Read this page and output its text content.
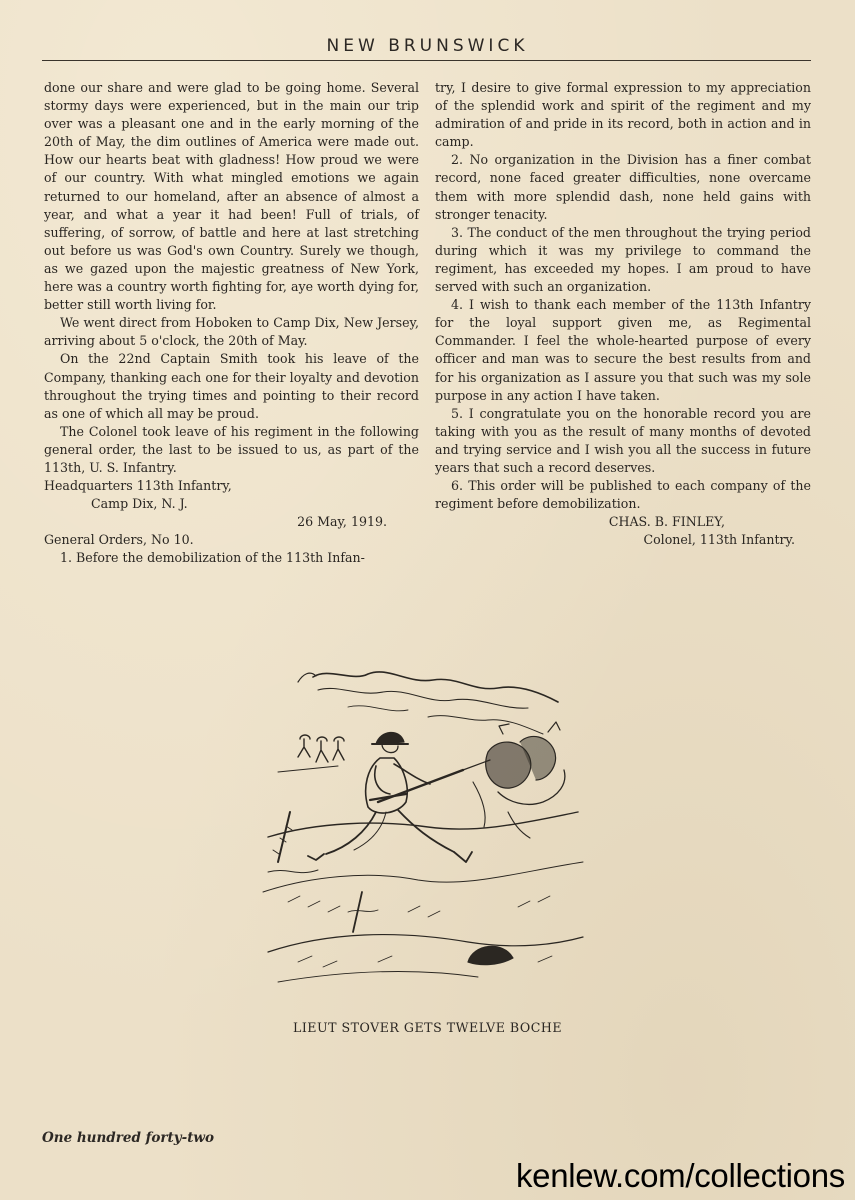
NEW BRUNSWICK

done our share and were glad to be going home. Several stormy days were experienced, but in the main our trip over was a pleasant one and in the early morning of the 20th of May, the dim outlines of America were made out. How our hearts beat with gladness! How proud we were of our country. With what mingled emotions we again returned to our homeland, after an absence of almost a year, and what a year it had been! Full of trials, of suffering, of sorrow, of battle and here at last stretching out before us was God's own Country. Surely we though, as we gazed upon the majestic greatness of New York, here was a country worth fighting for, aye worth dying for, better still worth living for.

We went direct from Hoboken to Camp Dix, New Jersey, arriving about 5 o'clock, the 20th of May.

On the 22nd Captain Smith took his leave of the Company, thanking each one for their loyalty and devotion throughout the trying times and pointing to their record as one of which all may be proud.

The Colonel took leave of his regiment in the following general order, the last to be issued to us, as part of the 113th, U. S. Infantry.

Headquarters 113th Infantry,

Camp Dix, N. J.

26 May, 1919.

General Orders, No 10.

1. Before the demobilization of the 113th Infan-

try, I desire to give formal expression to my appreciation of the splendid work and spirit of the regiment and my admiration of and pride in its record, both in action and in camp.

2. No organization in the Division has a finer combat record, none faced greater difficulties, none overcame them with more splendid dash, none held gains with stronger tenacity.

3. The conduct of the men throughout the trying period during which it was my privilege to command the regiment, has exceeded my hopes. I am proud to have served with such an organization.

4. I wish to thank each member of the 113th Infantry for the loyal support given me, as Regimental Commander. I feel the whole-hearted purpose of every officer and man was to secure the best results from and for his organization as I assure you that such was my sole purpose in any action I have taken.

5. I congratulate you on the honorable record you are taking with you as the result of many months of devoted and trying service and I wish you all the success in future years that such a record deserves.

6. This order will be published to each company of the regiment before demobilization.

CHAS. B. FINLEY,

Colonel, 113th Infantry.

LIEUT STOVER GETS TWELVE BOCHE
One hundred forty-two
kenlew.com/collections
